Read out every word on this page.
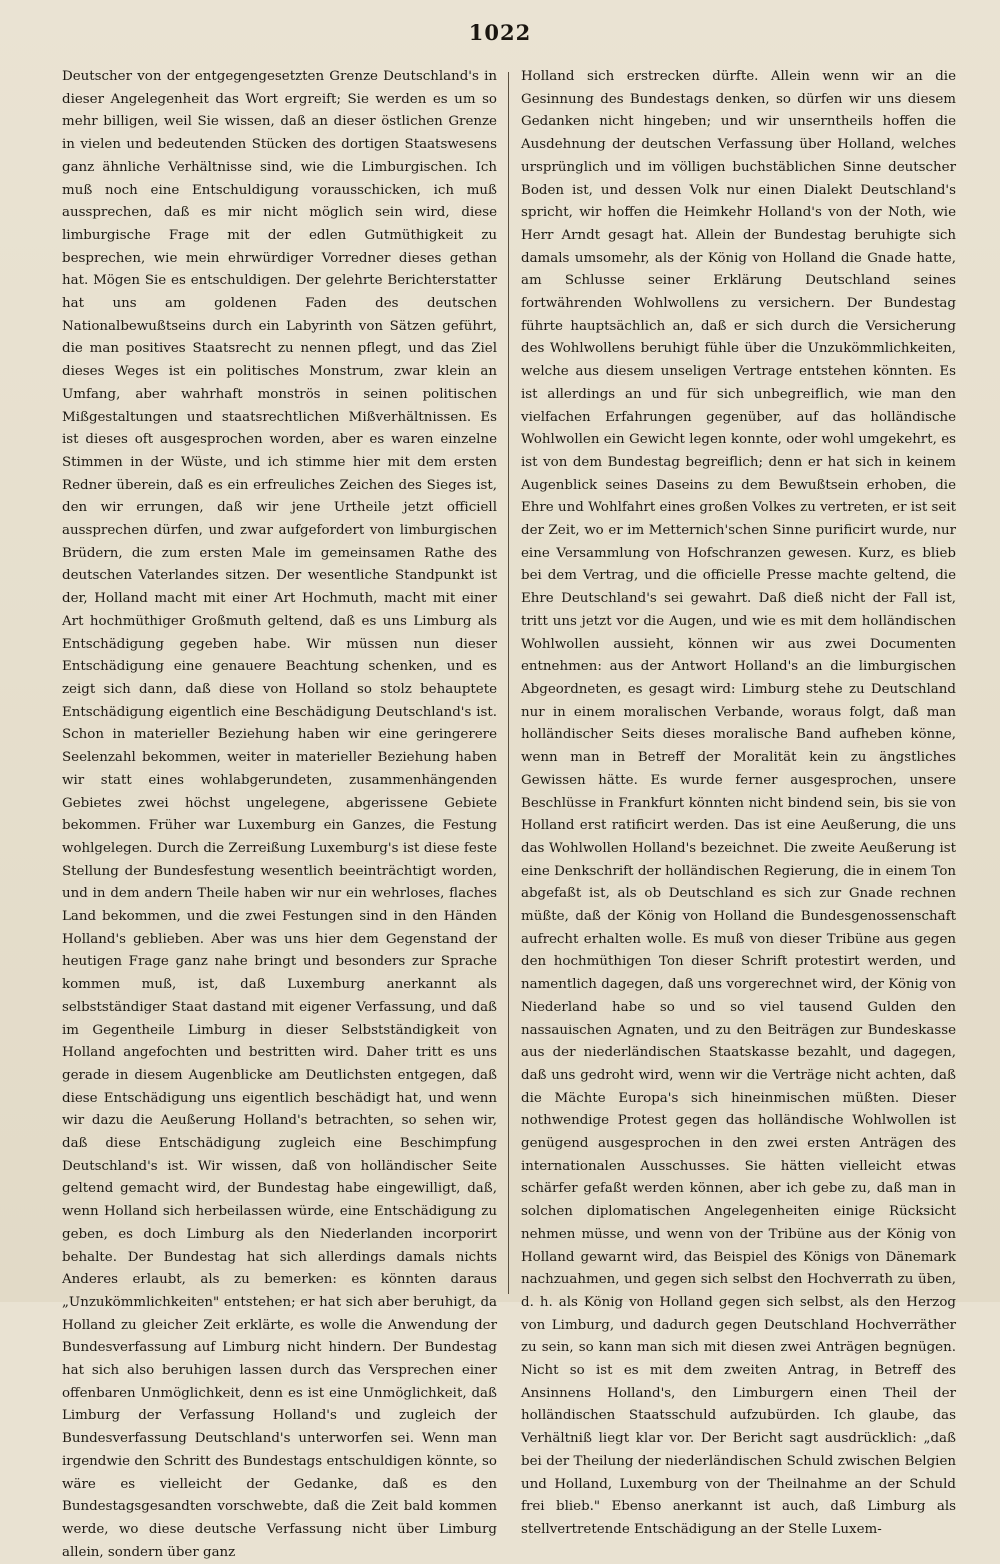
1022

Deutscher von der entgegengesetzten Grenze Deutschland's in dieser Angelegenheit das Wort ergreift; Sie werden es um so mehr billigen, weil Sie wissen, daß an dieser östlichen Grenze in vielen und bedeutenden Stücken des dortigen Staatswesens ganz ähnliche Verhältnisse sind, wie die Limburgischen. Ich muß noch eine Entschuldigung vorausschicken, ich muß aussprechen, daß es mir nicht möglich sein wird, diese limburgische Frage mit der edlen Gutmüthigkeit zu besprechen, wie mein ehrwürdiger Vorredner dieses gethan hat. Mögen Sie es entschuldigen. Der gelehrte Berichterstatter hat uns am goldenen Faden des deutschen Nationalbewußtseins durch ein Labyrinth von Sätzen geführt, die man positives Staatsrecht zu nennen pflegt, und das Ziel dieses Weges ist ein politisches Monstrum, zwar klein an Umfang, aber wahrhaft monströs in seinen politischen Mißgestaltungen und staatsrechtlichen Mißverhältnissen. Es ist dieses oft ausgesprochen worden, aber es waren einzelne Stimmen in der Wüste, und ich stimme hier mit dem ersten Redner überein, daß es ein erfreuliches Zeichen des Sieges ist, den wir errungen, daß wir jene Urtheile jetzt officiell aussprechen dürfen, und zwar aufgefordert von limburgischen Brüdern, die zum ersten Male im gemeinsamen Rathe des deutschen Vaterlandes sitzen. Der wesentliche Standpunkt ist der, Holland macht mit einer Art Hochmuth, macht mit einer Art hochmüthiger Großmuth geltend, daß es uns Limburg als Entschädigung gegeben habe. Wir müssen nun dieser Entschädigung eine genauere Beachtung schenken, und es zeigt sich dann, daß diese von Holland so stolz behauptete Entschädigung eigentlich eine Beschädigung Deutschland's ist. Schon in materieller Beziehung haben wir eine geringerere Seelenzahl bekommen, weiter in materieller Beziehung haben wir statt eines wohlabgerundeten, zusammenhängenden Gebietes zwei höchst ungelegene, abgerissene Gebiete bekommen. Früher war Luxemburg ein Ganzes, die Festung wohlgelegen. Durch die Zerreißung Luxemburg's ist diese feste Stellung der Bundesfestung wesentlich beeinträchtigt worden, und in dem andern Theile haben wir nur ein wehrloses, flaches Land bekommen, und die zwei Festungen sind in den Händen Holland's geblieben. Aber was uns hier dem Gegenstand der heutigen Frage ganz nahe bringt und besonders zur Sprache kommen muß, ist, daß Luxemburg anerkannt als selbstständiger Staat dastand mit eigener Verfassung, und daß im Gegentheile Limburg in dieser Selbstständigkeit von Holland angefochten und bestritten wird. Daher tritt es uns gerade in diesem Augenblicke am Deutlichsten entgegen, daß diese Entschädigung uns eigentlich beschädigt hat, und wenn wir dazu die Aeußerung Holland's betrachten, so sehen wir, daß diese Entschädigung zugleich eine Beschimpfung Deutschland's ist. Wir wissen, daß von holländischer Seite geltend gemacht wird, der Bundestag habe eingewilligt, daß, wenn Holland sich herbeilassen würde, eine Entschädigung zu geben, es doch Limburg als den Niederlanden incorporirt behalte. Der Bundestag hat sich allerdings damals nichts Anderes erlaubt, als zu bemerken: es könnten daraus „Unzukömmlichkeiten" entstehen; er hat sich aber beruhigt, da Holland zu gleicher Zeit erklärte, es wolle die Anwendung der Bundesverfassung auf Limburg nicht hindern. Der Bundestag hat sich also beruhigen lassen durch das Versprechen einer offenbaren Unmöglichkeit, denn es ist eine Unmöglichkeit, daß Limburg der Verfassung Holland's und zugleich der Bundesverfassung Deutschland's unterworfen sei. Wenn man irgendwie den Schritt des Bundestags entschuldigen könnte, so wäre es vielleicht der Gedanke, daß es den Bundestagsgesandten vorschwebte, daß die Zeit bald kommen werde, wo diese deutsche Verfassung nicht über Limburg allein, sondern über ganz

Holland sich erstrecken dürfte. Allein wenn wir an die Gesinnung des Bundestags denken, so dürfen wir uns diesem Gedanken nicht hingeben; und wir unserntheils hoffen die Ausdehnung der deutschen Verfassung über Holland, welches ursprünglich und im völligen buchstäblichen Sinne deutscher Boden ist, und dessen Volk nur einen Dialekt Deutschland's spricht, wir hoffen die Heimkehr Holland's von der Noth, wie Herr Arndt gesagt hat. Allein der Bundestag beruhigte sich damals umsomehr, als der König von Holland die Gnade hatte, am Schlusse seiner Erklärung Deutschland seines fortwährenden Wohlwollens zu versichern. Der Bundestag führte hauptsächlich an, daß er sich durch die Versicherung des Wohlwollens beruhigt fühle über die Unzukömmlichkeiten, welche aus diesem unseligen Vertrage entstehen könnten. Es ist allerdings an und für sich unbegreiflich, wie man den vielfachen Erfahrungen gegenüber, auf das holländische Wohlwollen ein Gewicht legen konnte, oder wohl umgekehrt, es ist von dem Bundestag begreiflich; denn er hat sich in keinem Augenblick seines Daseins zu dem Bewußtsein erhoben, die Ehre und Wohlfahrt eines großen Volkes zu vertreten, er ist seit der Zeit, wo er im Metternich'schen Sinne purificirt wurde, nur eine Versammlung von Hofschranzen gewesen. Kurz, es blieb bei dem Vertrag, und die officielle Presse machte geltend, die Ehre Deutschland's sei gewahrt. Daß dieß nicht der Fall ist, tritt uns jetzt vor die Augen, und wie es mit dem holländischen Wohlwollen aussieht, können wir aus zwei Documenten entnehmen: aus der Antwort Holland's an die limburgischen Abgeordneten, es gesagt wird: Limburg stehe zu Deutschland nur in einem moralischen Verbande, woraus folgt, daß man holländischer Seits dieses moralische Band aufheben könne, wenn man in Betreff der Moralität kein zu ängstliches Gewissen hätte. Es wurde ferner ausgesprochen, unsere Beschlüsse in Frankfurt könnten nicht bindend sein, bis sie von Holland erst ratificirt werden. Das ist eine Aeußerung, die uns das Wohlwollen Holland's bezeichnet. Die zweite Aeußerung ist eine Denkschrift der holländischen Regierung, die in einem Ton abgefaßt ist, als ob Deutschland es sich zur Gnade rechnen müßte, daß der König von Holland die Bundesgenossenschaft aufrecht erhalten wolle. Es muß von dieser Tribüne aus gegen den hochmüthigen Ton dieser Schrift protestirt werden, und namentlich dagegen, daß uns vorgerechnet wird, der König von Niederland habe so und so viel tausend Gulden den nassauischen Agnaten, und zu den Beiträgen zur Bundeskasse aus der niederländischen Staatskasse bezahlt, und dagegen, daß uns gedroht wird, wenn wir die Verträge nicht achten, daß die Mächte Europa's sich hineinmischen müßten. Dieser nothwendige Protest gegen das holländische Wohlwollen ist genügend ausgesprochen in den zwei ersten Anträgen des internationalen Ausschusses. Sie hätten vielleicht etwas schärfer gefaßt werden können, aber ich gebe zu, daß man in solchen diplomatischen Angelegenheiten einige Rücksicht nehmen müsse, und wenn von der Tribüne aus der König von Holland gewarnt wird, das Beispiel des Königs von Dänemark nachzuahmen, und gegen sich selbst den Hochverrath zu üben, d. h. als König von Holland gegen sich selbst, als den Herzog von Limburg, und dadurch gegen Deutschland Hochverräther zu sein, so kann man sich mit diesen zwei Anträgen begnügen. Nicht so ist es mit dem zweiten Antrag, in Betreff des Ansinnens Holland's, den Limburgern einen Theil der holländischen Staatsschuld aufzubürden. Ich glaube, das Verhältniß liegt klar vor. Der Bericht sagt ausdrücklich: „daß bei der Theilung der niederländischen Schuld zwischen Belgien und Holland, Luxemburg von der Theilnahme an der Schuld frei blieb." Ebenso anerkannt ist auch, daß Limburg als stellvertretende Entschädigung an der Stelle Luxem-
